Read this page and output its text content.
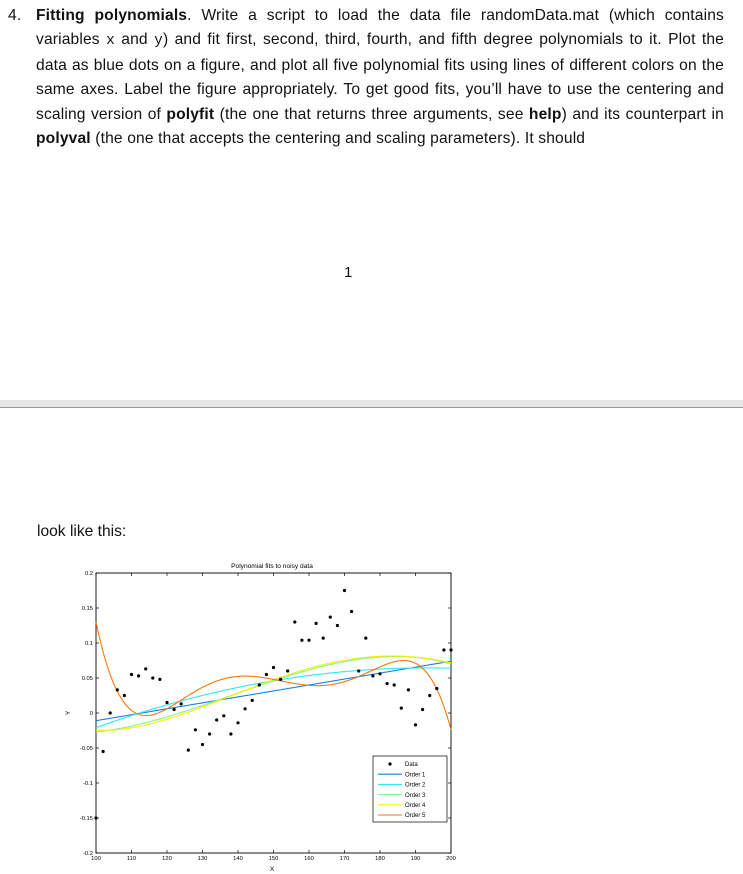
4. Fitting polynomials. Write a script to load the data file randomData.mat (which contains variables x and y) and fit first, second, third, fourth, and fifth degree polynomials to it. Plot the data as blue dots on a figure, and plot all five polynomial fits using lines of different colors on the same axes. Label the figure appropriately. To get good fits, you’ll have to use the centering and scaling version of polyfit (the one that returns three arguments, see help) and its counterpart in polyval (the one that accepts the centering and scaling parameters). It should
1
look like this:
Polynomial fits to noisy data
100	110	120	130	140	150	160	170	180	190	200
-0.2
-0.15
-0.1
-0.05
0
0.05
0.1
0.15
0.2
X
Y
Data
Order 1
Order 2
Order 3
Order 4
Order 5
